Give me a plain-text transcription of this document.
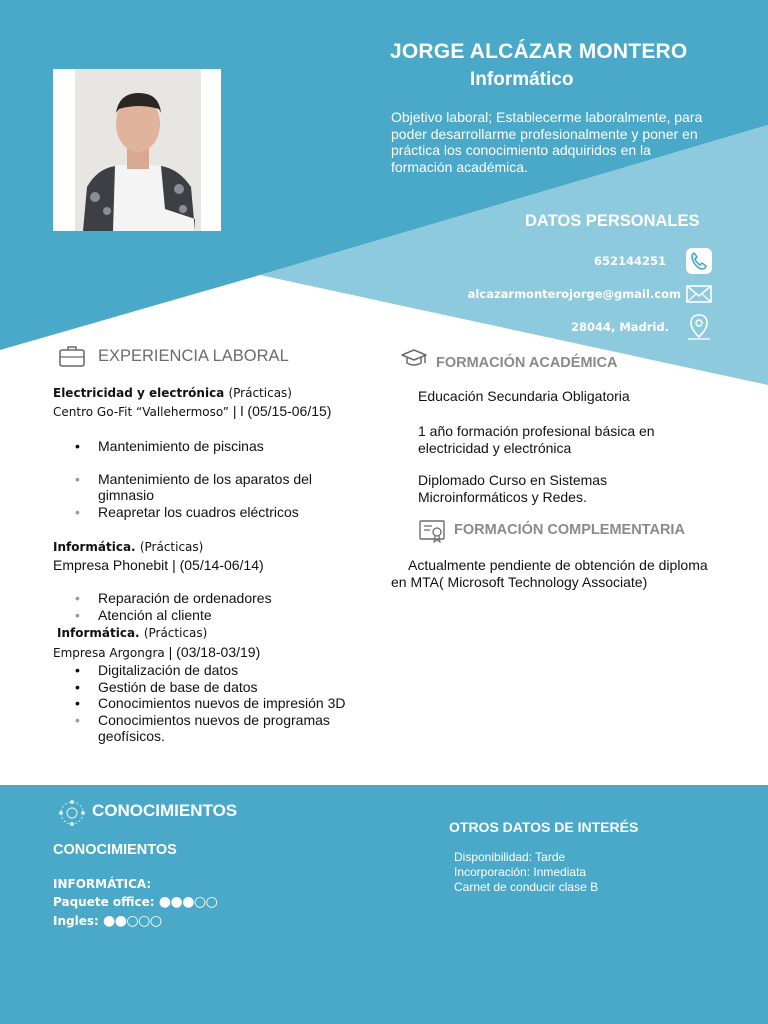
JORGE ALCÁZAR MONTERO
Informático
Objetivo laboral; Establecerme laboralmente, para poder desarrollarme profesionalmente y poner en práctica los conocimiento adquiridos en la formación académica.
DATOS PERSONALES
652144251
alcazarmonterojorge@gmail.com
28044, Madrid.
EXPERIENCIA LABORAL
Electricidad y electrónica (Prácticas)
Centro Go-Fit “Vallehermoso” | l (05/15-06/15)
• Mantenimiento de piscinas
• Mantenimiento de los aparatos del gimnasio
• Reapretar los cuadros eléctricos
Informática. (Prácticas)
Empresa Phonebit | (05/14-06/14)
• Reparación de ordenadores
• Atención al cliente
Informática. (Prácticas)
Empresa Argongra | (03/18-03/19)
• Digitalización de datos
• Gestión de base de datos
• Conocimientos nuevos de impresión 3D
• Conocimientos nuevos de programas geofísicos.
FORMACIÓN ACADÉMICA
Educación Secundaria Obligatoria
1 año formación profesional básica en electricidad y electrónica
Diplomado Curso en Sistemas Microinformáticos y Redes.
FORMACIÓN COMPLEMENTARIA
Actualmente pendiente de obtención de diploma en MTA( Microsoft Technology Associate)
CONOCIMIENTOS
CONOCIMIENTOS
INFORMÁTICA:
Paquete office: ●●●○○
Ingles: ●●○○○
OTROS DATOS DE INTERÉS
Disponibilidad: Tarde
Incorporación: Inmediata
Carnet de conducir clase B
